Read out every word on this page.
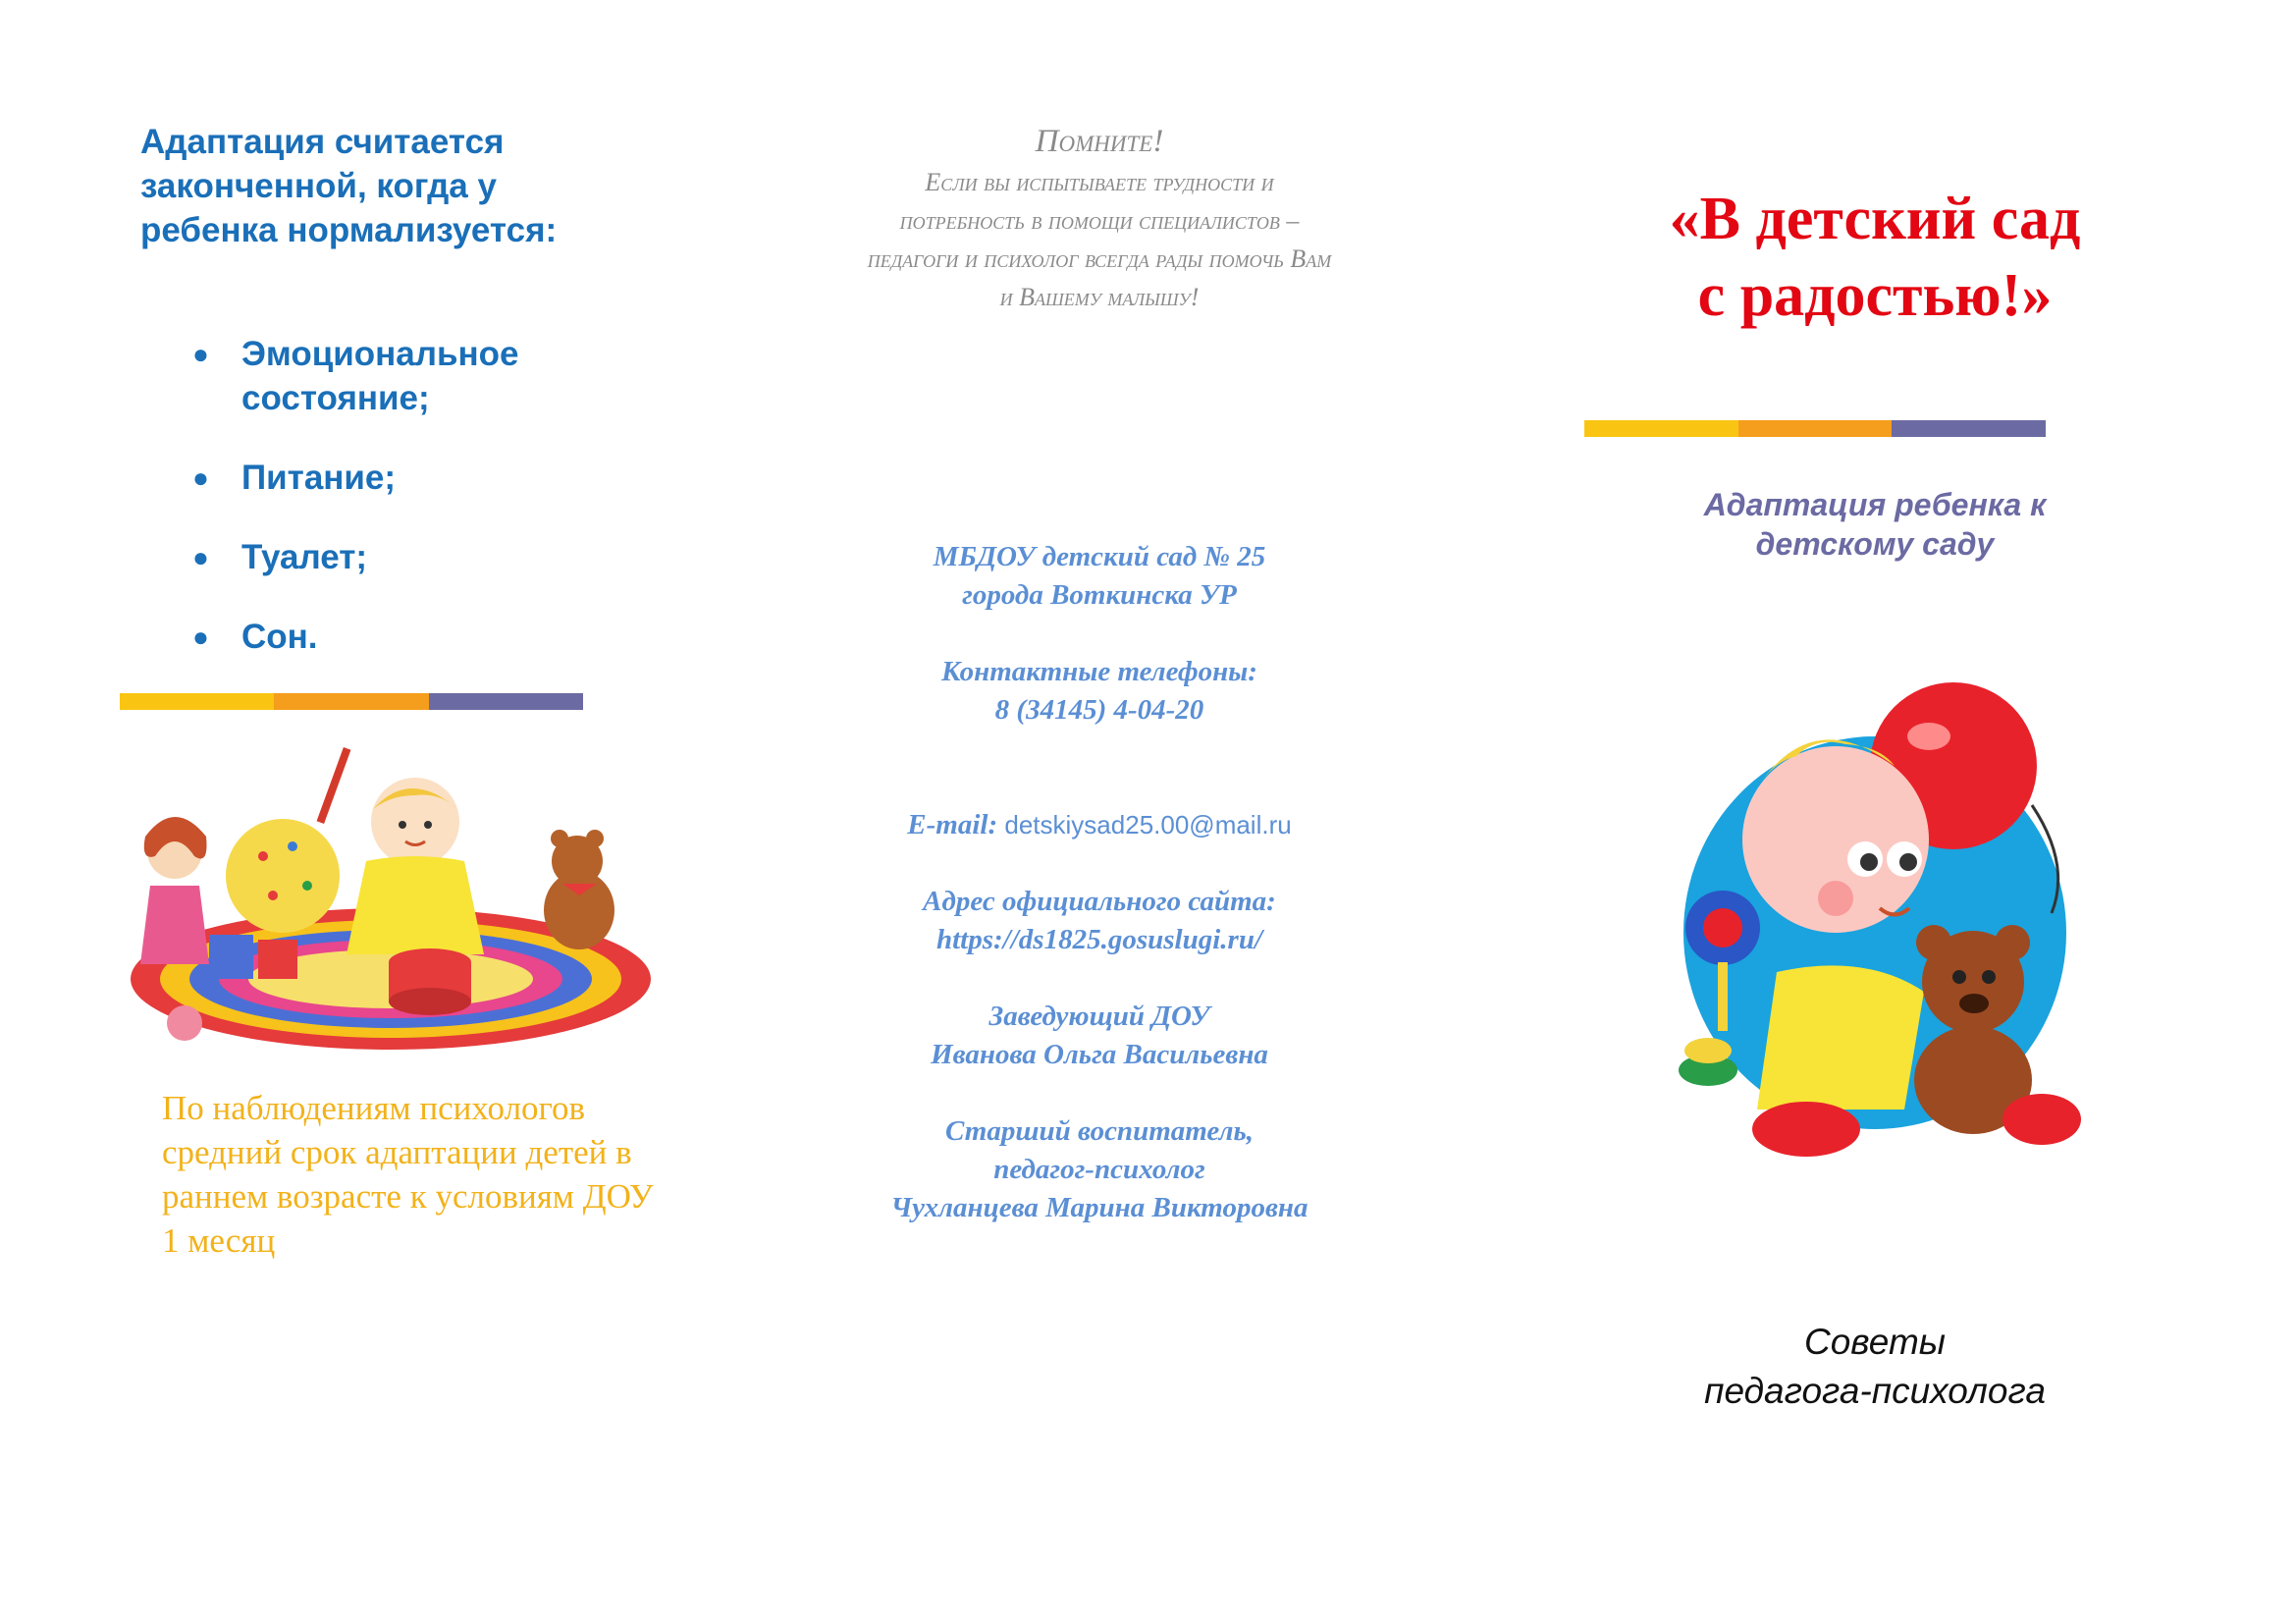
Адаптация считается законченной, когда у ребенка нормализуется:
● Эмоциональное состояние;
● Питание;
● Туалет;
● Сон.
По наблюдениям психологов средний срок адаптации детей в раннем возрасте к условиям ДОУ 1 месяц
Помните!
Если вы испытываете трудности и потребность в помощи специалистов – педагоги и психолог всегда рады помочь Вам и Вашему малышу!
МБДОУ детский сад № 25
города Воткинска УР
Контактные телефоны:
8 (34145) 4-04-20
E-mail: detskiysad25.00@mail.ru
Адрес официального сайта:
https://ds1825.gosuslugi.ru/
Заведующий ДОУ
Иванова Ольга Васильевна
Старший воспитатель,
педагог-психолог
Чухланцева Марина Викторовна
«В детский сад
с радостью!»
Адаптация ребенка к
детскому саду
Советы
педагога-психолога
